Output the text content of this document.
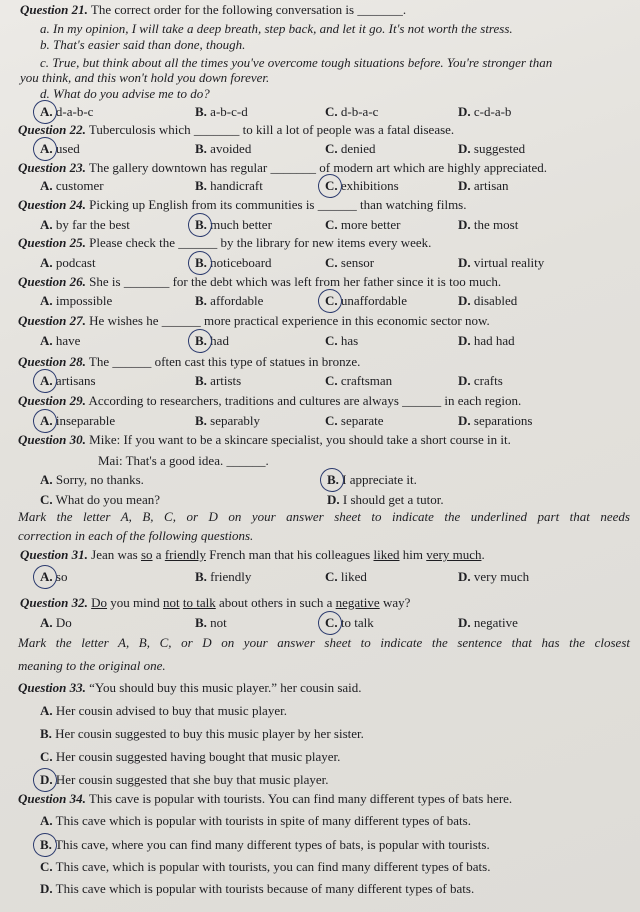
Question 21. The correct order for the following conversation is _______.
a. In my opinion, I will take a deep breath, step back, and let it go. It's not worth the stress.
b. That's easier said than done, though.
c. True, but think about all the times you've overcome tough situations before. You're stronger than
you think, and this won't hold you down forever.
d. What do you advise me to do?
A. d-a-b-c	B. a-b-c-d	C. d-b-a-c	D. c-d-a-b
Question 22. Tuberculosis which _______ to kill a lot of people was a fatal disease.
A. used	B. avoided	C. denied	D. suggested
Question 23. The gallery downtown has regular _______ of modern art which are highly appreciated.
A. customer	B. handicraft	C. exhibitions	D. artisan
Question 24. Picking up English from its communities is ______ than watching films.
A. by far the best	B. much better	C. more better	D. the most
Question 25. Please check the ______ by the library for new items every week.
A. podcast	B. noticeboard	C. sensor	D. virtual reality
Question 26. She is _______ for the debt which was left from her father since it is too much.
A. impossible	B. affordable	C. unaffordable	D. disabled
Question 27. He wishes he ______ more practical experience in this economic sector now.
A. have	B. had	C. has	D. had had
Question 28. The ______ often cast this type of statues in bronze.
A. artisans	B. artists	C. craftsman	D. crafts
Question 29. According to researchers, traditions and cultures are always ______ in each region.
A. inseparable	B. separably	C. separate	D. separations
Question 30. Mike: If you want to be a skincare specialist, you should take a short course in it.
Mai: That's a good idea. ______.
A. Sorry, no thanks.	B. I appreciate it.
C. What do you mean?	D. I should get a tutor.
Mark the letter A, B, C, or D on your answer sheet to indicate the underlined part that needs
correction in each of the following questions.
Question 31. Jean was so a friendly French man that his colleagues liked him very much.
A. so	B. friendly	C. liked	D. very much
Question 32. Do you mind not to talk about others in such a negative way?
A. Do	B. not	C. to talk	D. negative
Mark the letter A, B, C, or D on your answer sheet to indicate the sentence that has the closest
meaning to the original one.
Question 33. “You should buy this music player.” her cousin said.
A. Her cousin advised to buy that music player.
B. Her cousin suggested to buy this music player by her sister.
C. Her cousin suggested having bought that music player.
D. Her cousin suggested that she buy that music player.
Question 34. This cave is popular with tourists. You can find many different types of bats here.
A. This cave which is popular with tourists in spite of many different types of bats.
B. This cave, where you can find many different types of bats, is popular with tourists.
C. This cave, which is popular with tourists, you can find many different types of bats.
D. This cave which is popular with tourists because of many different types of bats.
